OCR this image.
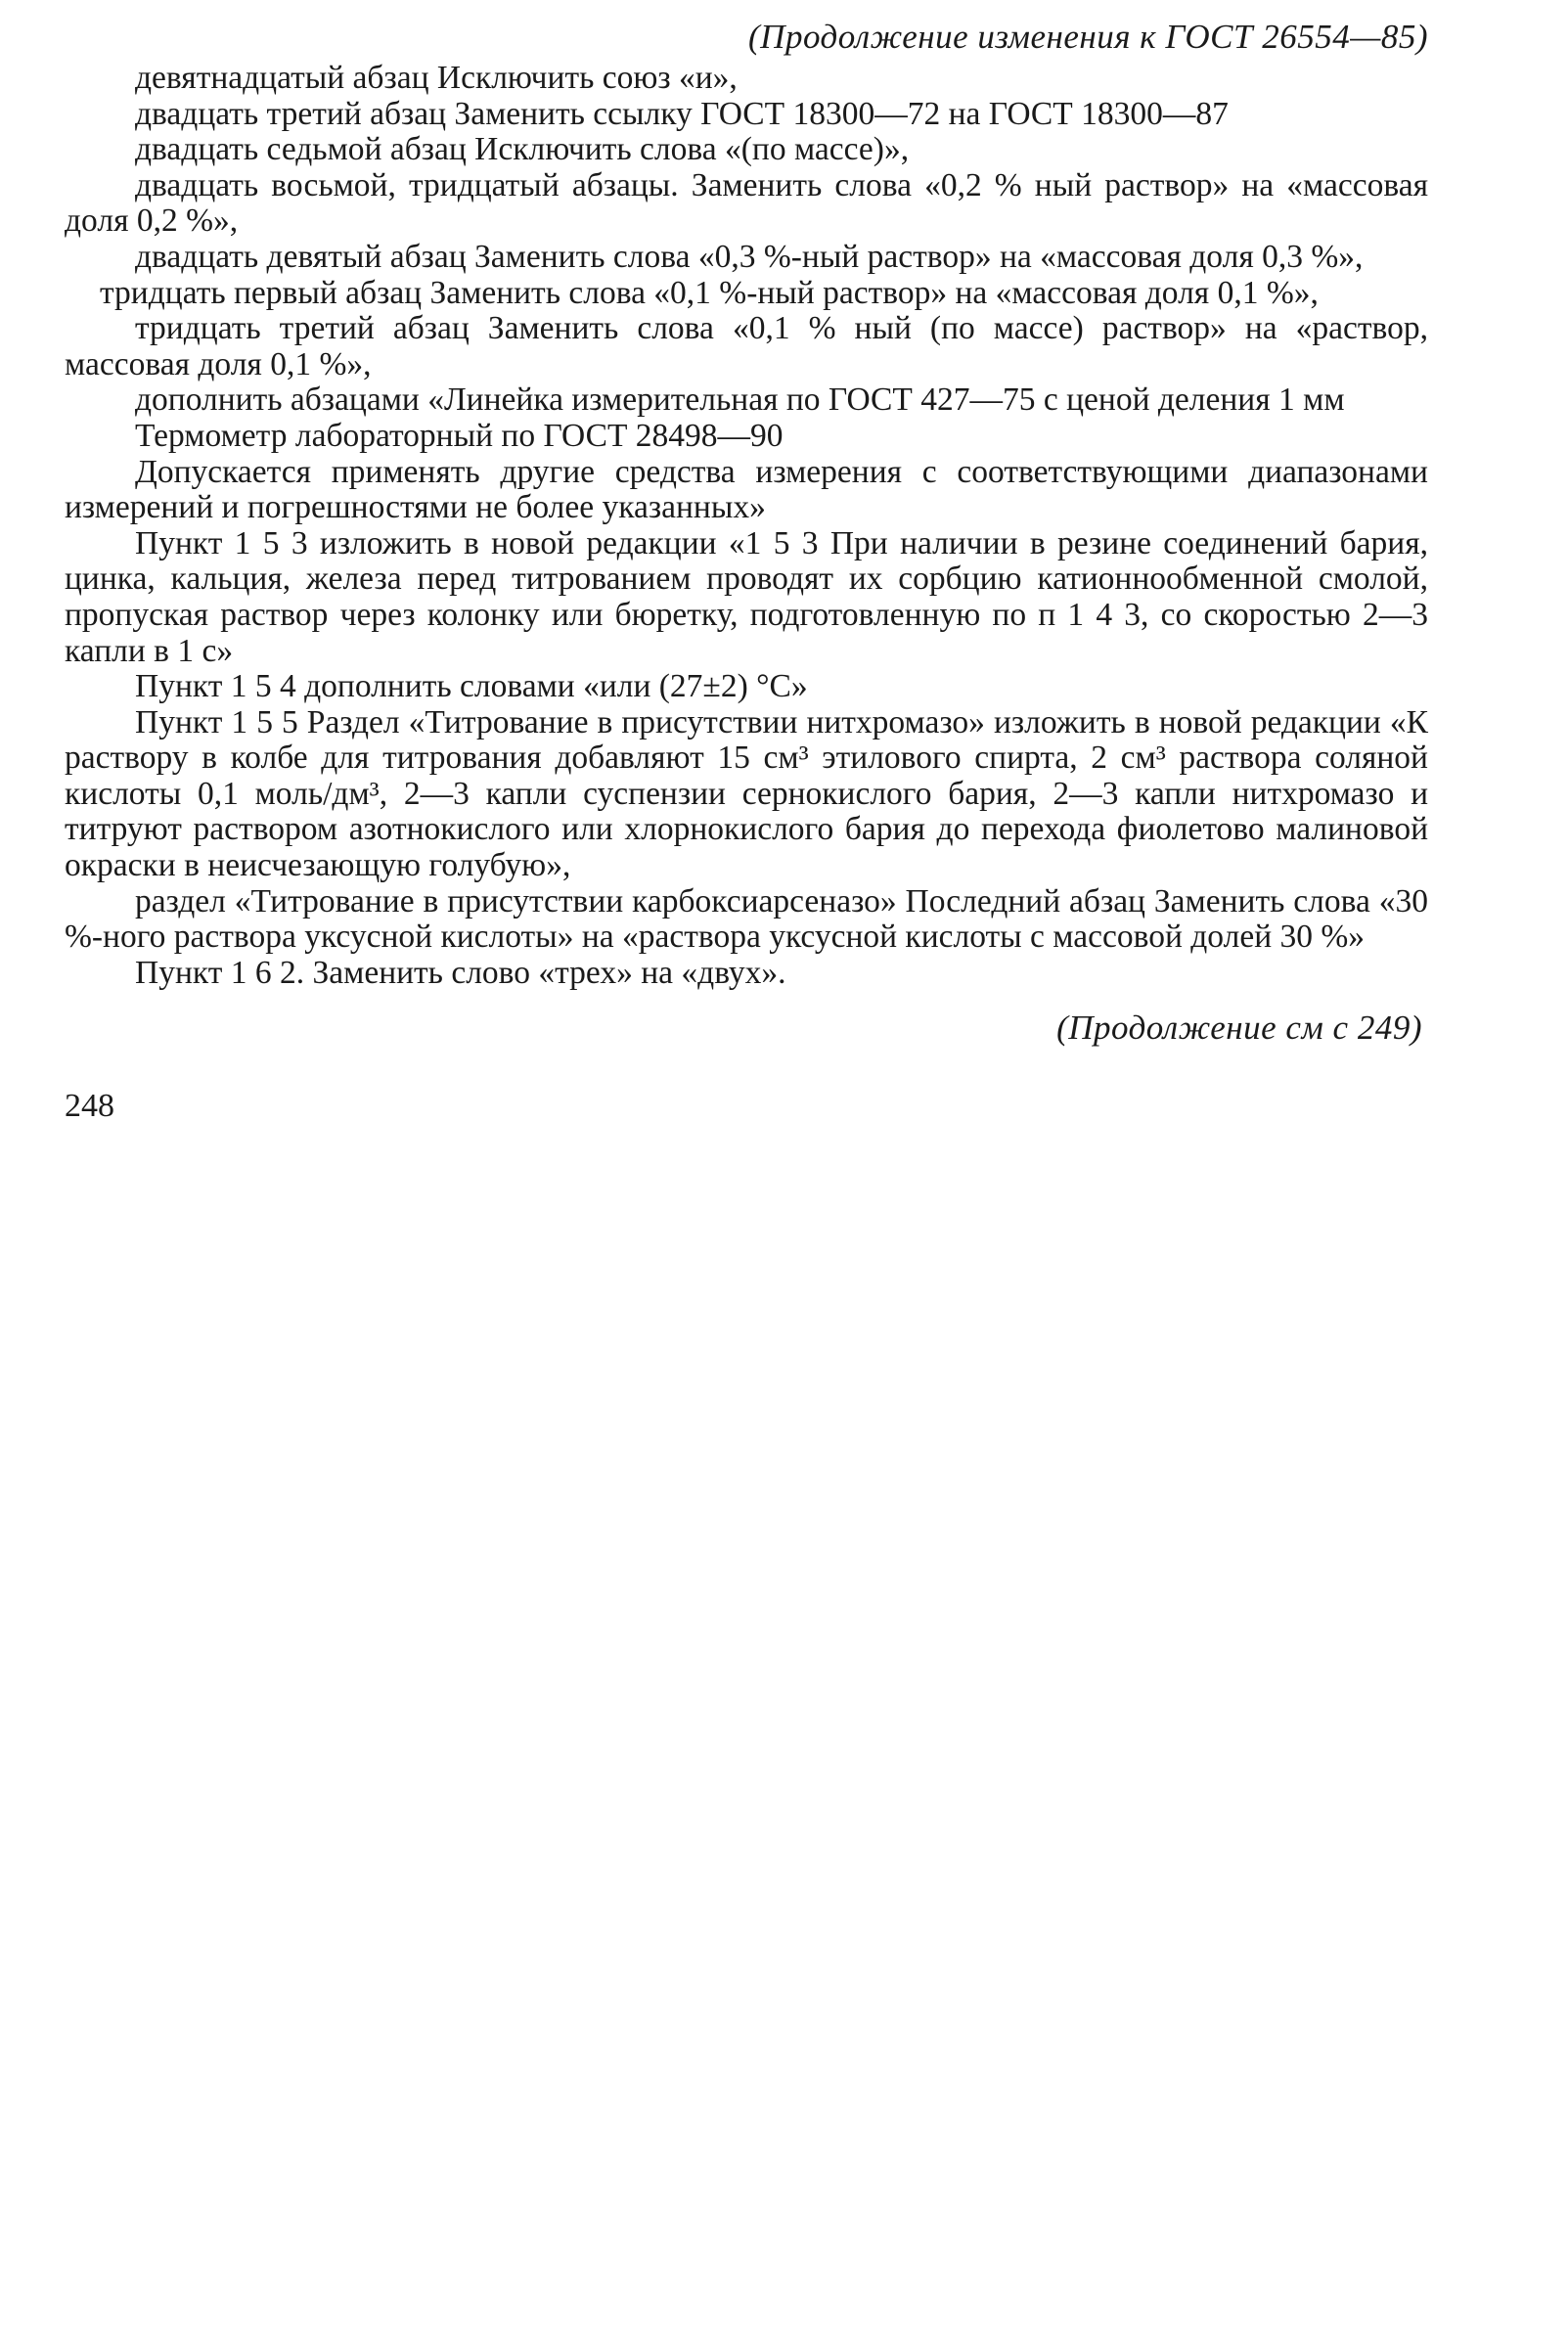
(Продолжение изменения к ГОСТ 26554—85)

девятнадцатый абзац Исключить союз «и»,

двадцать третий абзац Заменить ссылку ГОСТ 18300—72 на ГОСТ 18300—87

двадцать седьмой абзац Исключить слова «(по массе)»,

двадцать восьмой, тридцатый абзацы. Заменить слова «0,2 % ный раствор» на «массовая доля 0,2 %»,

двадцать девятый абзац Заменить слова «0,3 %-ный раствор» на «массовая доля 0,3 %»,

тридцать первый абзац Заменить слова «0,1 %-ный раствор» на «массовая доля 0,1 %»,

тридцать третий абзац Заменить слова «0,1 % ный (по массе) раствор» на «раствор, массовая доля 0,1 %»,

дополнить абзацами «Линейка измерительная по ГОСТ 427—75 с ценой деления 1 мм

Термометр лабораторный по ГОСТ 28498—90

Допускается применять другие средства измерения с соответствующими диапазонами измерений и погрешностями не более указанных»

Пункт 1 5 3 изложить в новой редакции «1 5 3 При наличии в резине соединений бария, цинка, кальция, железа перед титрованием проводят их сорбцию катионнообменной смолой, пропуская раствор через колонку или бюретку, подготовленную по п 1 4 3, со скоростью 2—3 капли в 1 с»

Пункт 1 5 4 дополнить словами «или (27±2) °С»

Пункт 1 5 5 Раздел «Титрование в присутствии нитхромазо» изложить в новой редакции «К раствору в колбе для титрования добавляют 15 см³ этилового спирта, 2 см³ раствора соляной кислоты 0,1 моль/дм³, 2—3 капли суспензии сернокислого бария, 2—3 капли нитхромазо и титруют раствором азотнокислого или хлорнокислого бария до перехода фиолетово малиновой окраски в неисчезающую голубую»,

раздел «Титрование в присутствии карбоксиарсеназо» Последний абзац Заменить слова «30 %-ного раствора уксусной кислоты» на «раствора уксусной кислоты с массовой долей 30 %»

Пункт 1 6 2. Заменить слово «трех» на «двух».

(Продолжение см с 249)
248
